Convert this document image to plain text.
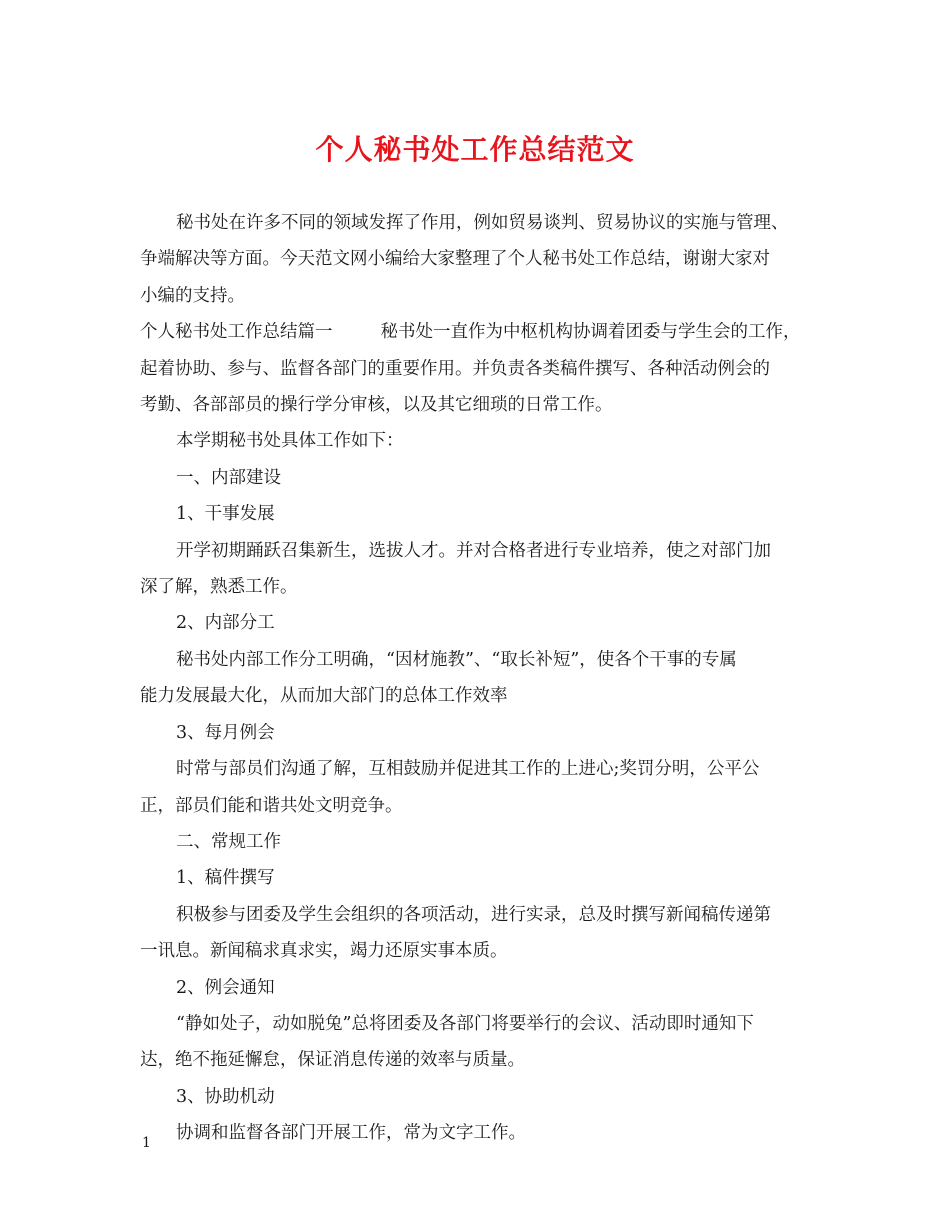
个人秘书处工作总结范文

秘书处在许多不同的领域发挥了作用，例如贸易谈判、贸易协议的实施与管理、

争端解决等方面。今天范文网小编给大家整理了个人秘书处工作总结，谢谢大家对

小编的支持。

个人秘书处工作总结篇一	秘书处一直作为中枢机构协调着团委与学生会的工作，

起着协助、参与、监督各部门的重要作用。并负责各类稿件撰写、各种活动例会的

考勤、各部部员的操行学分审核，以及其它细琐的日常工作。

本学期秘书处具体工作如下：

一、内部建设

1、干事发展

开学初期踊跃召集新生，选拔人才。并对合格者进行专业培养，使之对部门加

深了解，熟悉工作。

2、内部分工

秘书处内部工作分工明确，“因材施教”、“取长补短”，使各个干事的专属

能力发展最大化，从而加大部门的总体工作效率

3、每月例会

时常与部员们沟通了解，互相鼓励并促进其工作的上进心;奖罚分明，公平公

正，部员们能和谐共处文明竞争。

二、常规工作

1、稿件撰写

积极参与团委及学生会组织的各项活动，进行实录，总及时撰写新闻稿传递第

一讯息。新闻稿求真求实，竭力还原实事本质。

2、例会通知

“静如处子，动如脱兔”总将团委及各部门将要举行的会议、活动即时通知下

达，绝不拖延懈怠，保证消息传递的效率与质量。

3、协助机动

协调和监督各部门开展工作，常为文字工作。

1
